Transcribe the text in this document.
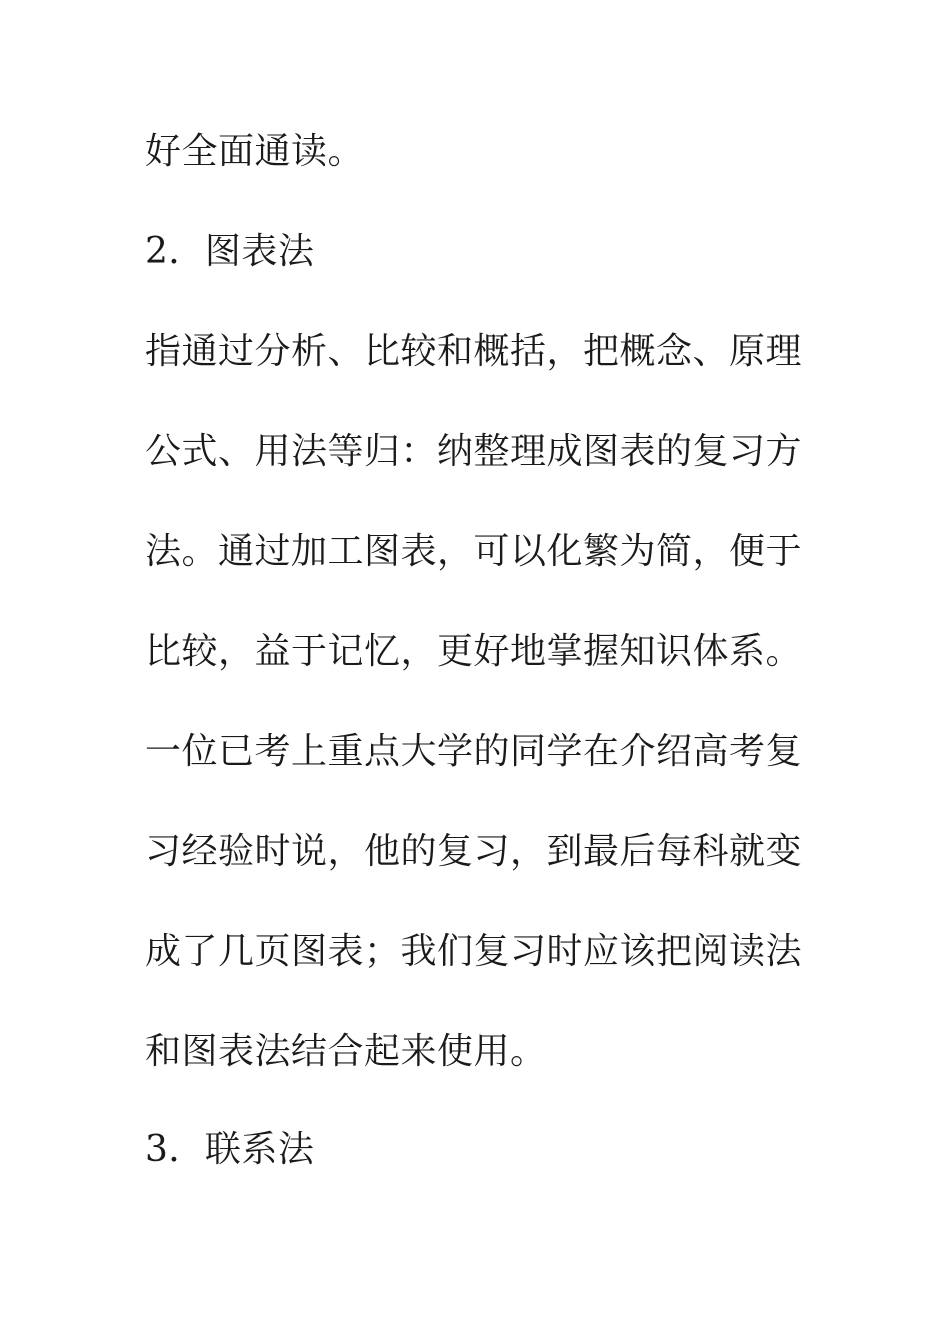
好全面通读。
2．图表法
指通过分析、比较和概括，把概念、原理
公式、用法等归：纳整理成图表的复习方
法。通过加工图表，可以化繁为简，便于
比较，益于记忆，更好地掌握知识体系。
一位已考上重点大学的同学在介绍高考复
习经验时说，他的复习，到最后每科就变
成了几页图表；我们复习时应该把阅读法
和图表法结合起来使用。
3．联系法
